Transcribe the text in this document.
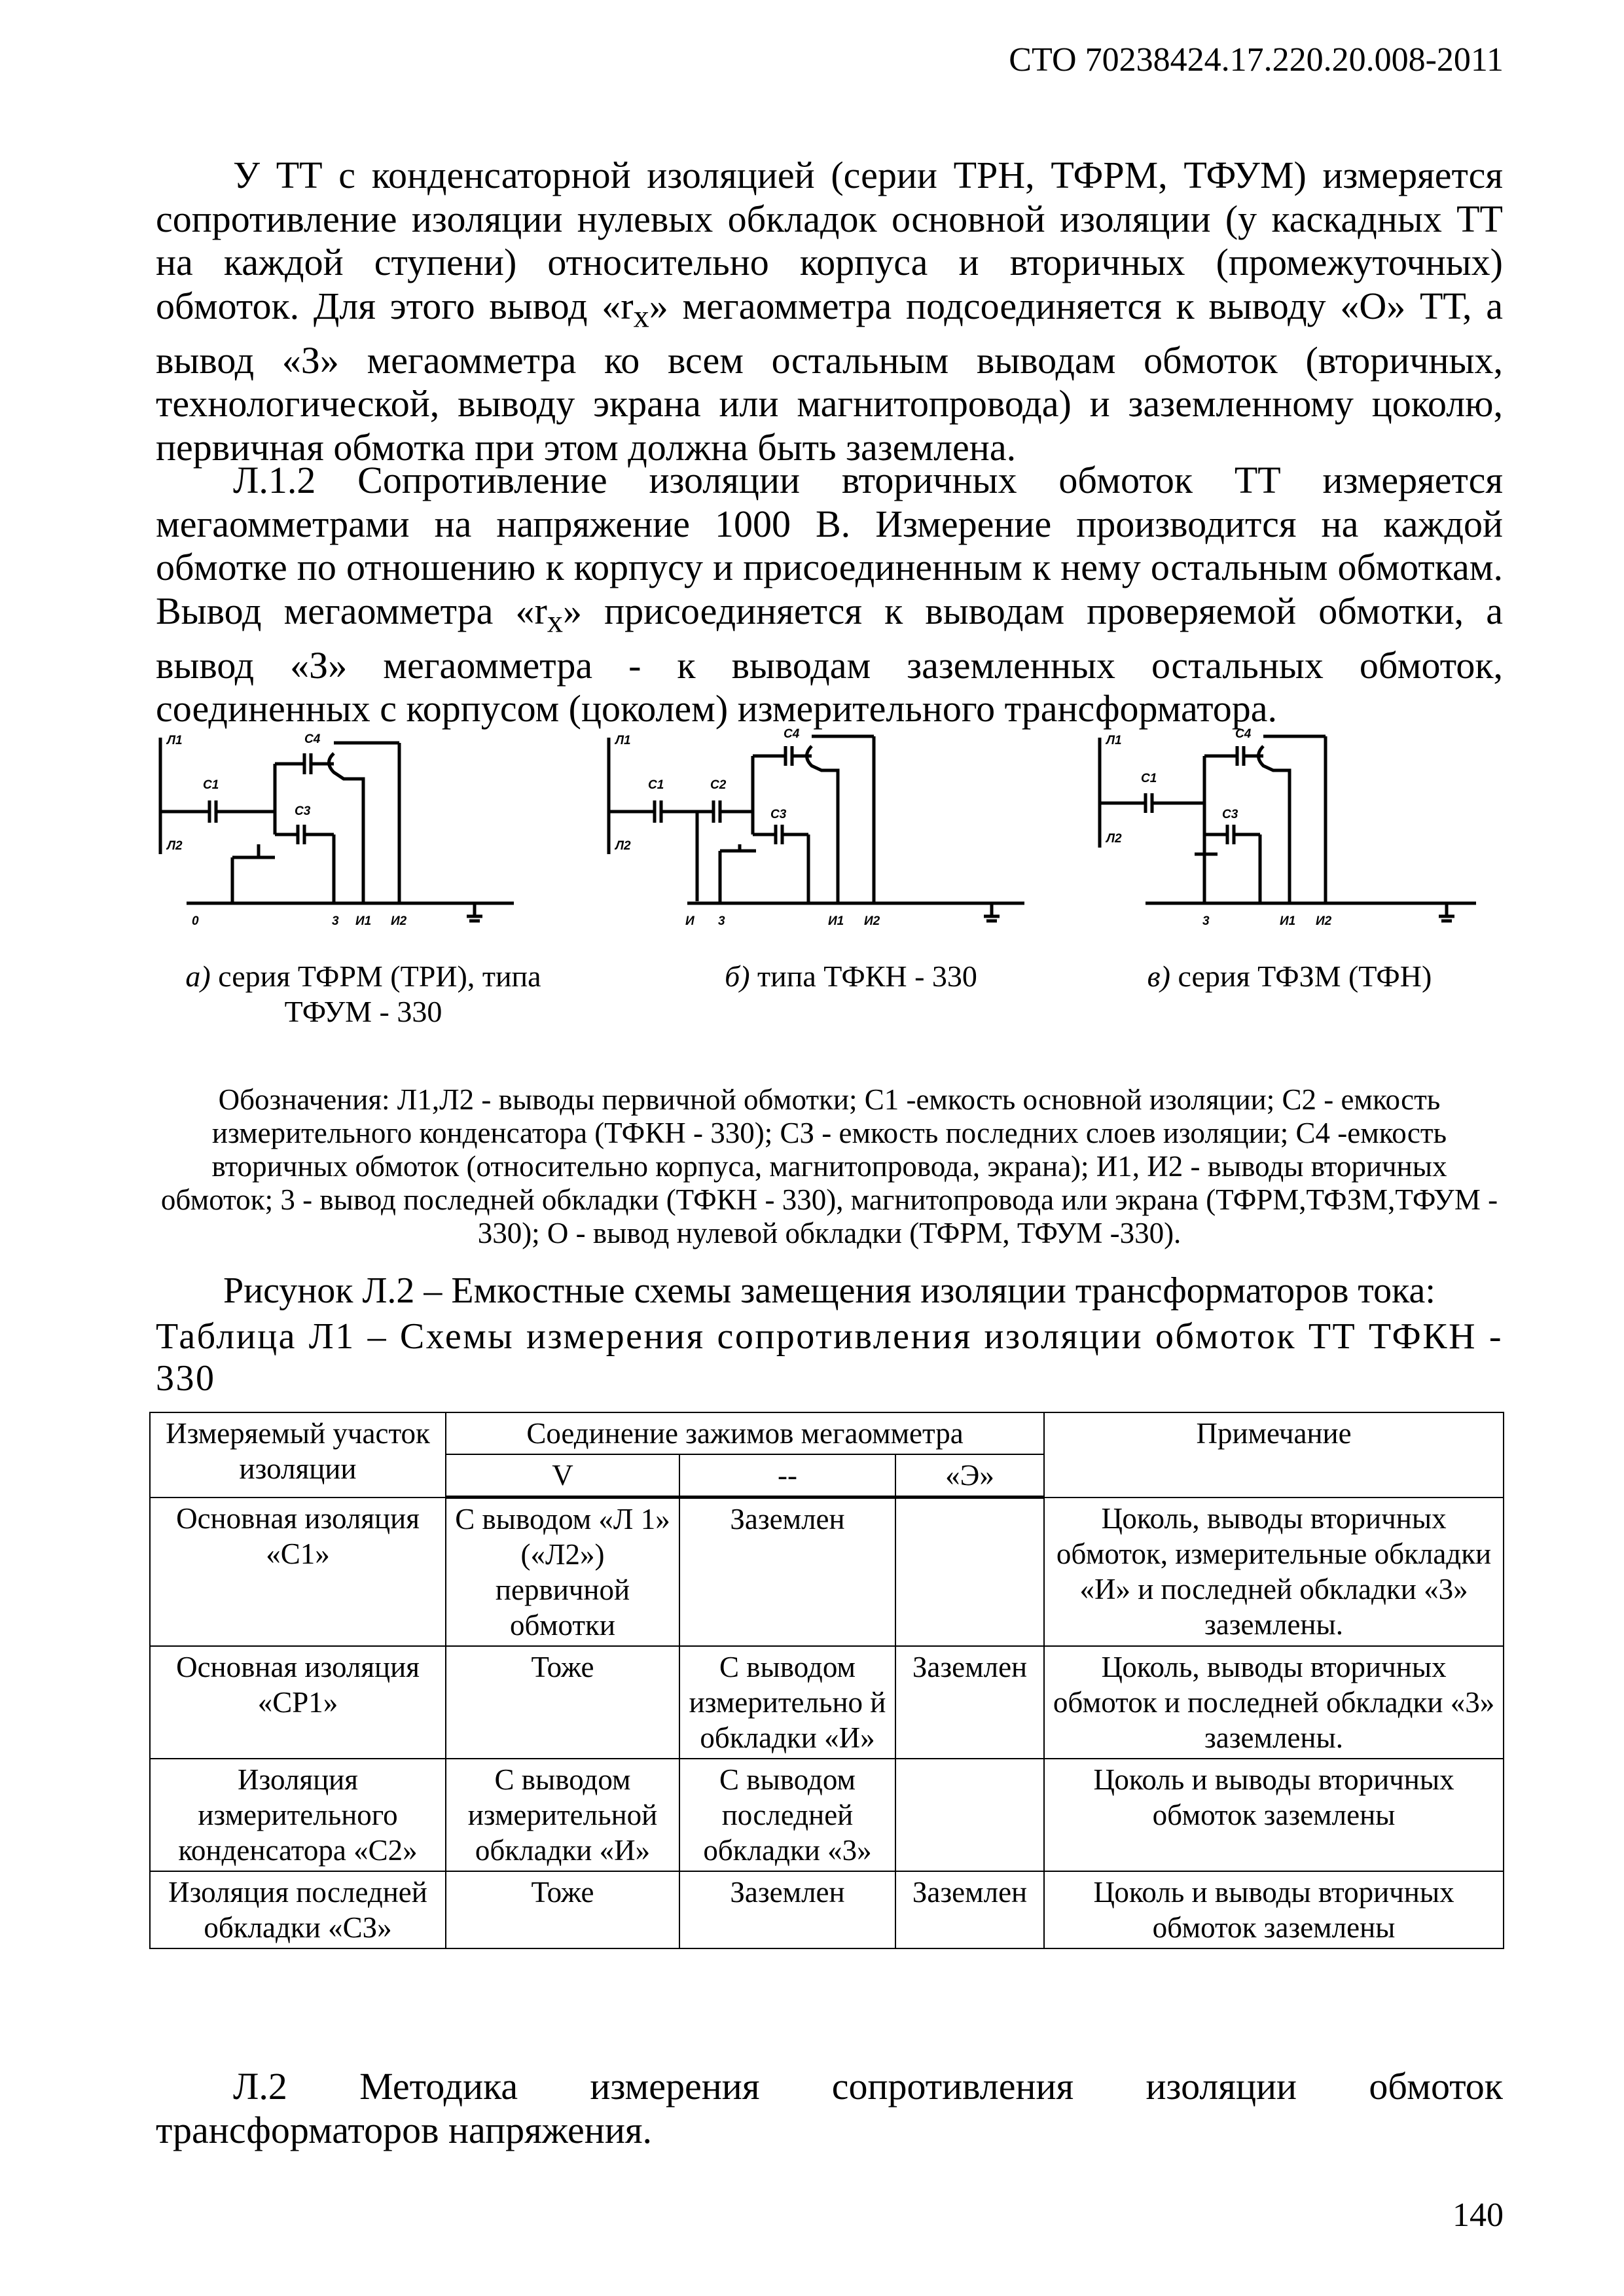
СТО 70238424.17.220.20.008-2011
У ТТ с конденсаторной изоляцией (серии ТРН, ТФРМ, ТФУМ) измеряется сопротивление изоляции нулевых обкладок основной изоляции (у каскадных ТТ на каждой ступени) относительно корпуса и вторичных (промежуточных) обмоток. Для этого вывод «$r_x$» мегаомметра подсоединяется к выводу «О» ТТ, а вывод «З» мегаомметра ко всем остальным выводам обмоток (вторичных, технологической, выводу экрана или магнитопровода) и заземленному цоколю,
первичная обмотка при этом должна быть заземлена.
Л.1.2 Сопротивление изоляции вторичных обмоток ТТ измеряется мегаомметрами на напряжение 1000 В. Измерение производится на каждой обмотке по отношению к корпусу и присоединенным к нему остальным обмоткам. Вывод мегаомметра «$r_x$» присоединяется к выводам проверяемой обмотки, а вывод «З» мегаомметра - к выводам заземленных остальных обмоток,
соединенных с корпусом (цоколем) измерительного трансформатора.
Л1
Л2
C1
C4
C3
0	3 И1 И2
Л1
Л2
C1	C2
C4
C3
И 3	И1 И2
Л1
Л2
C1
C4
C3
3	И1 И2
а) серия ТФРМ (ТРИ), типа
ТФУМ - 330
б) типа ТФКН - 330	в) серия ТФЗМ (ТФН)
Обозначения: Л1,Л2 - выводы первичной обмотки; С1 -емкость основной изоляции; С2 - емкость измерительного конденсатора (ТФКН - 330); СЗ - емкость последних слоев изоляции; С4 -емкость вторичных обмоток (относительно корпуса, магнитопровода, экрана); И1, И2 - выводы вторичных обмоток; 3 - вывод последней обкладки (ТФКН - 330), магнитопровода или экрана (ТФРМ,ТФЗМ,ТФУМ - 330); О - вывод нулевой обкладки (ТФРМ, ТФУМ -330).
Рисунок Л.2 – Емкостные схемы замещения изоляции трансформаторов тока:
Таблица Л1 – Схемы измерения сопротивления изоляции обмоток ТТ ТФКН - 330
Измеряемый участок изоляции	Соединение зажимов мегаомметра			Примечание
	V	--	«Э»	
Основная изоляция «С1»	С выводом «Л 1» («Л2») первичной обмотки	Заземлен		Цоколь, выводы вторичных обмоток, измерительные обкладки «И» и последней обкладки «3» заземлены.
Основная изоляция «СР1»	Тоже	С выводом измерительно й обкладки «И»	Заземлен	Цоколь, выводы вторичных обмоток и последней обкладки «3» заземлены.
Изоляция измерительного конденсатора «С2»	С выводом измерительной обкладки «И»	С выводом последней обкладки «3»		Цоколь и выводы вторичных обмоток заземлены
Изоляция последней обкладки «СЗ»	Тоже	Заземлен	Заземлен	Цоколь и выводы вторичных обмоток заземлены
Л.2 Методика измерения сопротивления изоляции обмоток
трансформаторов напряжения.
140
